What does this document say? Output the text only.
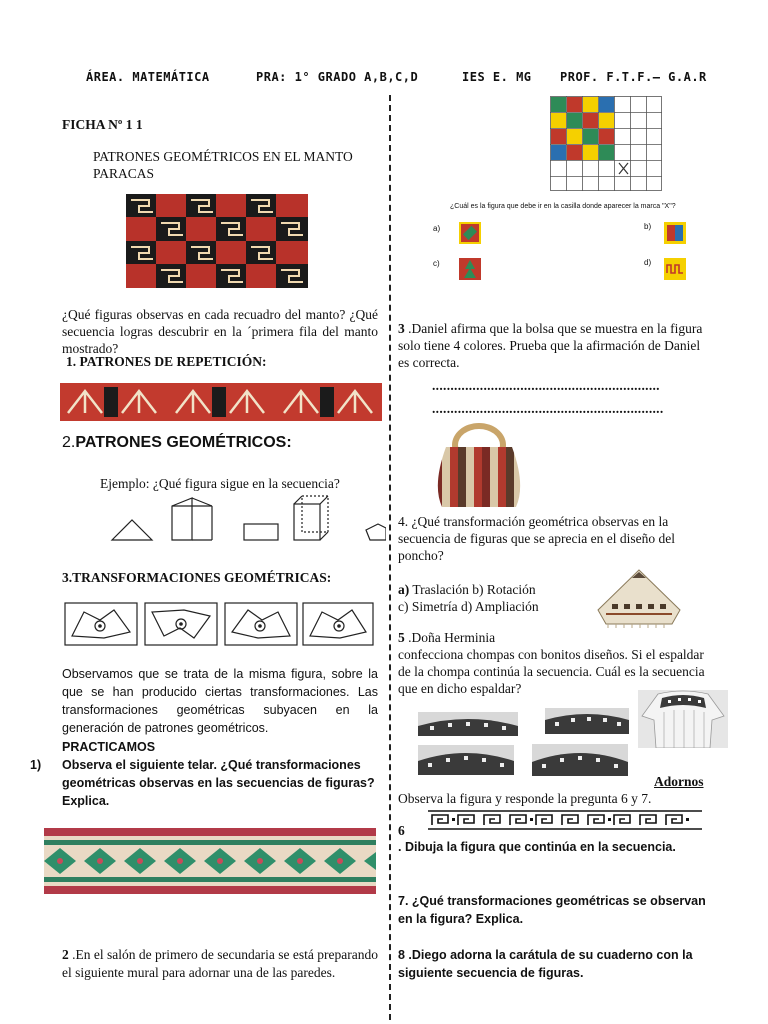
ÁREA. MATEMÁTICA	PRA: 1° GRADO A,B,C,D	IES E. MG PROF. F.T.F.– G.A.R
FICHA Nº 1 1
PATRONES GEOMÉTRICOS EN EL MANTO
PARACAS
¿Qué figuras observas en cada recuadro del manto? ¿Qué secuencia logras descubrir en la ´primera fila del manto mostrado?
1. PATRONES DE REPETICIÓN:
2.PATRONES GEOMÉTRICOS:
Ejemplo: ¿Qué figura sigue en la secuencia?
3.TRANSFORMACIONES GEOMÉTRICAS:
Observamos que se trata de la misma figura, sobre la que se han producido ciertas transformaciones. Las transformaciones geométricas subyacen en la generación de patrones geométricos.
PRACTICAMOS
1) Observa el siguiente telar. ¿Qué transformaciones geométricas observas en las secuencias de figuras? Explica.
2 .En el salón de primero de secundaria se está preparando el siguiente mural para adornar una de las paredes.
¿Cuál es la figura que debe ir en la casilla donde aparecer la marca "X"?
a)	b)
c)	d)
3 .Daniel afirma que la bolsa que se muestra en la figura solo tiene 4 colores. Prueba que la afirmación de Daniel es correcta.
..............................................................
...............................................................
4. ¿Qué transformación geométrica observas en la secuencia de figuras que se aprecia en el diseño del poncho?
a) Traslación b) Rotación
c) Simetría d) Ampliación
5 .Doña Herminia
confecciona chompas con bonitos diseños. Si el espaldar de la chompa continúa la secuencia. Cuál es la secuencia que en dicho espaldar?
Adornos
Observa la figura y responde la pregunta 6 y 7.
6
. Dibuja la figura que continúa en la secuencia.
7. ¿Qué transformaciones geométricas se observan en la figura? Explica.
8 .Diego adorna la carátula de su cuaderno con la siguiente secuencia de figuras.
